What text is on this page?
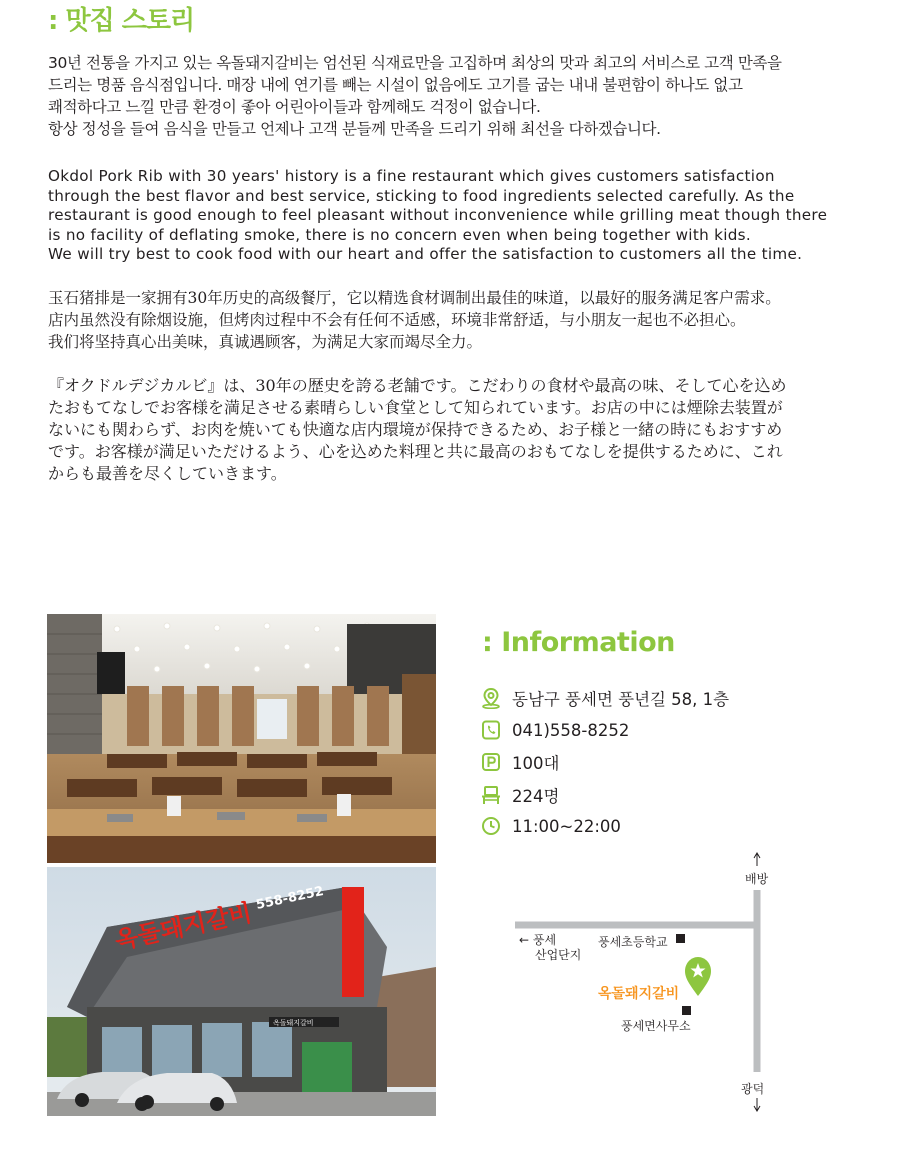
: 맛집 스토리
30년 전통을 가지고 있는 옥돌돼지갈비는 엄선된 식재료만을 고집하며 최상의 맛과 최고의 서비스로 고객 만족을
드리는 명품 음식점입니다. 매장 내에 연기를 빼는 시설이 없음에도 고기를 굽는 내내 불편함이 하나도 없고
쾌적하다고 느낄 만큼 환경이 좋아 어린아이들과 함께해도 걱정이 없습니다.
항상 정성을 들여 음식을 만들고 언제나 고객 분들께 만족을 드리기 위해 최선을 다하겠습니다.
Okdol Pork Rib with 30 years' history is a fine restaurant which gives customers satisfaction
through the best flavor and best service, sticking to food ingredients selected carefully. As the
restaurant is good enough to feel pleasant without inconvenience while grilling meat though there
is no facility of deflating smoke, there is no concern even when being together with kids.
We will try best to cook food with our heart and offer the satisfaction to customers all the time.
玉石猪排是一家拥有30年历史的高级餐厅，它以精选食材调制出最佳的味道，以最好的服务满足客户需求。
店内虽然没有除烟设施，但烤肉过程中不会有任何不适感，环境非常舒适，与小朋友一起也不必担心。
我们将坚持真心出美味，真诚遇顾客，为满足大家而竭尽全力。
『オクドルデジカルビ』は、30年の歴史を誇る老舗です。こだわりの食材や最高の味、そして心を込め
たおもてなしでお客様を満足させる素晴らしい食堂として知られています。お店の中には煙除去装置が
ないにも関わらず、お肉を焼いても快適な店内環境が保持できるため、お子様と一緒の時にもおすすめ
です。お客様が満足いただけるよう、心を込めた料理と共に最高のおもてなしを提供するために、これ
からも最善を尽くしていきます。
옥돌돼지갈비
558-8252
옥돌돼지갈비
: Information
동남구 풍세면 풍년길 58, 1층
041)558-8252
100대
224명
11:00~22:00
배방
광덕
← 풍세
산업단지
풍세초등학교
풍세면사무소
옥돌돼지갈비
